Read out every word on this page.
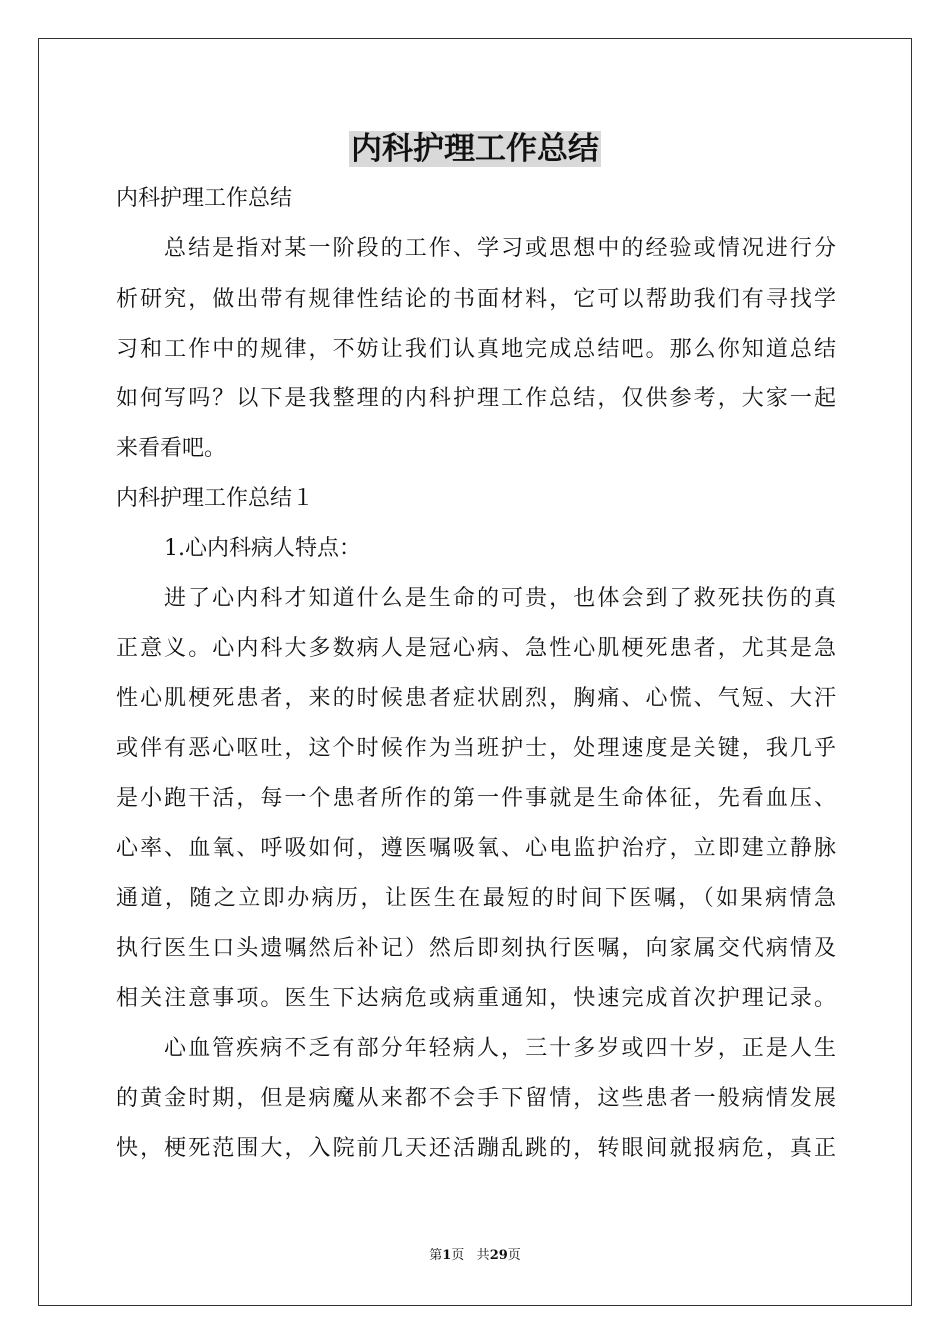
内科护理工作总结
内科护理工作总结
总结是指对某一阶段的工作、学习或思想中的经验或情况进行分
析研究，做出带有规律性结论的书面材料，它可以帮助我们有寻找学
习和工作中的规律，不妨让我们认真地完成总结吧。那么你知道总结
如何写吗？以下是我整理的内科护理工作总结，仅供参考，大家一起
来看看吧。
内科护理工作总结１
1.心内科病人特点：
进了心内科才知道什么是生命的可贵，也体会到了救死扶伤的真
正意义。心内科大多数病人是冠心病、急性心肌梗死患者，尤其是急
性心肌梗死患者，来的时候患者症状剧烈，胸痛、心慌、气短、大汗
或伴有恶心呕吐，这个时候作为当班护士，处理速度是关键，我几乎
是小跑干活，每一个患者所作的第一件事就是生命体征，先看血压、
心率、血氧、呼吸如何，遵医嘱吸氧、心电监护治疗，立即建立静脉
通道，随之立即办病历，让医生在最短的时间下医嘱，（如果病情急
执行医生口头遗嘱然后补记）然后即刻执行医嘱，向家属交代病情及
相关注意事项。医生下达病危或病重通知，快速完成首次护理记录。
心血管疾病不乏有部分年轻病人，三十多岁或四十岁，正是人生
的黄金时期，但是病魔从来都不会手下留情，这些患者一般病情发展
快，梗死范围大，入院前几天还活蹦乱跳的，转眼间就报病危，真正
第1页 共29页
